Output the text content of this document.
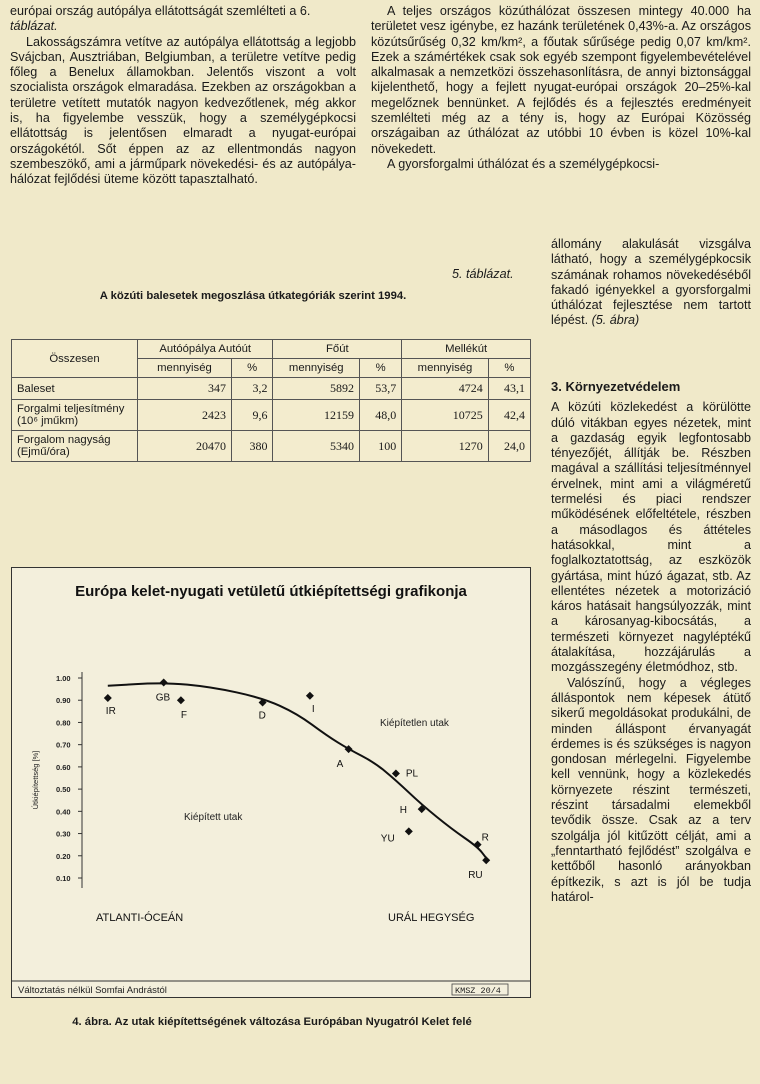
európai ország autópálya ellátottságát szemlélteti a 6.
táblázat.

Lakosságszámra vetítve az autópálya ellátottság a legjobb Svájcban, Ausztriában, Belgiumban, a területre vetítve pedig főleg a Benelux államokban. Jelentős viszont a volt szocialista országok elmaradása. Ezekben az országokban a területre vetített mutatók nagyon kedvezőtlenek, még akkor is, ha figyelembe vesszük, hogy a személygépkocsi ellátottság is jelentősen elmaradt a nyugat-európai országokétól. Sőt éppen az az ellentmondás nagyon szembeszökő, ami a járműpark növekedési- és az autópálya-hálózat fejlődési üteme között tapasztalható.

A teljes országos közúthálózat összesen mintegy 40.000 ha területet vesz igénybe, ez hazánk területének 0,43%-a. Az országos közútsűrűség 0,32 km/km², a főutak sűrűsége pedig 0,07 km/km². Ezek a számértékek csak sok egyéb szempont figyelembevételével alkalmasak a nemzetközi összehasonlításra, de annyi biztonsággal kijelenthető, hogy a fejlett nyugat-európai országok 20–25%-kal megelőznek bennünket. A fejlődés és a fejlesztés eredményeit szemlélteti még az a tény is, hogy az Európai Közösség országaiban az úthálózat az utóbbi 10 évben is közel 10%-kal növekedett.

A gyorsforgalmi úthálózat és a személygépkocsi-

állomány alakulását vizsgálva látható, hogy a személygépkocsik számának rohamos növekedéséből fakadó igényekkel a gyorsforgalmi úthálózat fejlesztése nem tartott lépést. (5. ábra)

3. Környezetvédelem

A közúti közlekedést a körülötte dúló vitákban egyes nézetek, mint a gazdaság egyik legfontosabb tényezőjét, állítják be. Részben magával a szállítási teljesítménnyel érvelnek, mint ami a világméretű termelési és piaci rendszer működésének előfeltétele, részben a másodlagos és áttételes hatásokkal, mint a foglalkoztatottság, az eszközök gyártása, mint húzó ágazat, stb. Az ellentétes nézetek a motorizáció káros hatásait hangsúlyozzák, mint a károsanyag-kibocsátás, a természeti környezet nagyléptékű átalakítása, hozzájárulás a mozgásszegény életmódhoz, stb.

Valószínű, hogy a végleges álláspontok nem képesek átütő sikerű megoldásokat produkálni, de minden álláspont érvanyagát érdemes is és szükséges is nagyon gondosan mérlegelni. Figyelembe kell vennünk, hogy a közlekedés környezete részint természeti, részint társadalmi elemekből tevődik össze. Csak az a terv szolgálja jól kitűzött célját, ami a „fenntartható fejlődést” szolgálva e kettőből hasonló arányokban építkezik, s azt is jól be tudja határol-

5. táblázat.
A közúti balesetek megoszlása útkategóriák szerint 1994.
Összesen	Autóópálya Autóút		Főút		Mellékút	
	mennyiség	%	mennyiség	%	mennyiség	%
Baleset	347	3,2	5892	53,7	4724	43,1
Forgalmi teljesítmény (10⁶ jműkm)	2423	9,6	12159	48,0	10725	42,4
Forgalom nagyság (Ejmű/óra)	20470	380	5340	100	1270	24,0
Európa kelet-nyugati vetületű útkiépítettségi grafikonja
1.00
0.90
0.80
0.70
0.60
0.50
0.40
0.30
0.20
0.10
Útkiépítettség [%]
IR
GB
F	D
I
A
PL
H
YU	R
RU
Kiépítetlen utak
Kiépített utak
ATLANTI-ÓCEÁN	URÁL HEGYSÉG
Változtatás nélkül Somfai Andrástól	KMSZ 20/4
4. ábra. Az utak kiépítettségének változása Európában Nyugatról Kelet felé
